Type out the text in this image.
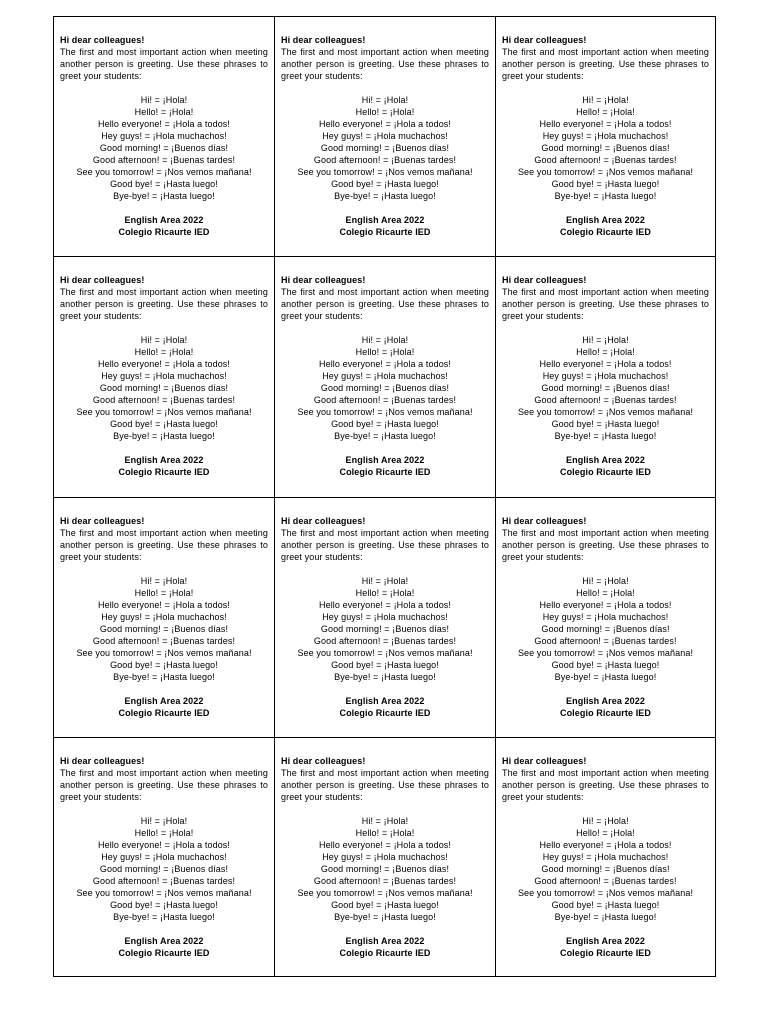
Hi dear colleagues!

The first and most important action when meeting another person is greeting. Use these phrases to greet your students:

Hi! = ¡Hola!
Hello! = ¡Hola!
Hello everyone! = ¡Hola a todos!
Hey guys! = ¡Hola muchachos!
Good morning! = ¡Buenos días!
Good afternoon! = ¡Buenas tardes!
See you tomorrow! = ¡Nos vemos mañana!
Good bye! = ¡Hasta luego!
Bye-bye! = ¡Hasta luego!
English Area 2022
Colegio Ricaurte IED
Hi dear colleagues!

The first and most important action when meeting another person is greeting. Use these phrases to greet your students:

Hi! = ¡Hola!
Hello! = ¡Hola!
Hello everyone! = ¡Hola a todos!
Hey guys! = ¡Hola muchachos!
Good morning! = ¡Buenos días!
Good afternoon! = ¡Buenas tardes!
See you tomorrow! = ¡Nos vemos mañana!
Good bye! = ¡Hasta luego!
Bye-bye! = ¡Hasta luego!
English Area 2022
Colegio Ricaurte IED
Hi dear colleagues!

The first and most important action when meeting another person is greeting. Use these phrases to greet your students:

Hi! = ¡Hola!
Hello! = ¡Hola!
Hello everyone! = ¡Hola a todos!
Hey guys! = ¡Hola muchachos!
Good morning! = ¡Buenos días!
Good afternoon! = ¡Buenas tardes!
See you tomorrow! = ¡Nos vemos mañana!
Good bye! = ¡Hasta luego!
Bye-bye! = ¡Hasta luego!
English Area 2022
Colegio Ricaurte IED
Hi dear colleagues!

The first and most important action when meeting another person is greeting. Use these phrases to greet your students:

Hi! = ¡Hola!
Hello! = ¡Hola!
Hello everyone! = ¡Hola a todos!
Hey guys! = ¡Hola muchachos!
Good morning! = ¡Buenos días!
Good afternoon! = ¡Buenas tardes!
See you tomorrow! = ¡Nos vemos mañana!
Good bye! = ¡Hasta luego!
Bye-bye! = ¡Hasta luego!
English Area 2022
Colegio Ricaurte IED
Hi dear colleagues!

The first and most important action when meeting another person is greeting. Use these phrases to greet your students:

Hi! = ¡Hola!
Hello! = ¡Hola!
Hello everyone! = ¡Hola a todos!
Hey guys! = ¡Hola muchachos!
Good morning! = ¡Buenos días!
Good afternoon! = ¡Buenas tardes!
See you tomorrow! = ¡Nos vemos mañana!
Good bye! = ¡Hasta luego!
Bye-bye! = ¡Hasta luego!
English Area 2022
Colegio Ricaurte IED
Hi dear colleagues!

The first and most important action when meeting another person is greeting. Use these phrases to greet your students:

Hi! = ¡Hola!
Hello! = ¡Hola!
Hello everyone! = ¡Hola a todos!
Hey guys! = ¡Hola muchachos!
Good morning! = ¡Buenos días!
Good afternoon! = ¡Buenas tardes!
See you tomorrow! = ¡Nos vemos mañana!
Good bye! = ¡Hasta luego!
Bye-bye! = ¡Hasta luego!
English Area 2022
Colegio Ricaurte IED
Hi dear colleagues!

The first and most important action when meeting another person is greeting. Use these phrases to greet your students:

Hi! = ¡Hola!
Hello! = ¡Hola!
Hello everyone! = ¡Hola a todos!
Hey guys! = ¡Hola muchachos!
Good morning! = ¡Buenos días!
Good afternoon! = ¡Buenas tardes!
See you tomorrow! = ¡Nos vemos mañana!
Good bye! = ¡Hasta luego!
Bye-bye! = ¡Hasta luego!
English Area 2022
Colegio Ricaurte IED
Hi dear colleagues!

The first and most important action when meeting another person is greeting. Use these phrases to greet your students:

Hi! = ¡Hola!
Hello! = ¡Hola!
Hello everyone! = ¡Hola a todos!
Hey guys! = ¡Hola muchachos!
Good morning! = ¡Buenos días!
Good afternoon! = ¡Buenas tardes!
See you tomorrow! = ¡Nos vemos mañana!
Good bye! = ¡Hasta luego!
Bye-bye! = ¡Hasta luego!
English Area 2022
Colegio Ricaurte IED
Hi dear colleagues!

The first and most important action when meeting another person is greeting. Use these phrases to greet your students:

Hi! = ¡Hola!
Hello! = ¡Hola!
Hello everyone! = ¡Hola a todos!
Hey guys! = ¡Hola muchachos!
Good morning! = ¡Buenos días!
Good afternoon! = ¡Buenas tardes!
See you tomorrow! = ¡Nos vemos mañana!
Good bye! = ¡Hasta luego!
Bye-bye! = ¡Hasta luego!
English Area 2022
Colegio Ricaurte IED
Hi dear colleagues!

The first and most important action when meeting another person is greeting. Use these phrases to greet your students:

Hi! = ¡Hola!
Hello! = ¡Hola!
Hello everyone! = ¡Hola a todos!
Hey guys! = ¡Hola muchachos!
Good morning! = ¡Buenos días!
Good afternoon! = ¡Buenas tardes!
See you tomorrow! = ¡Nos vemos mañana!
Good bye! = ¡Hasta luego!
Bye-bye! = ¡Hasta luego!
English Area 2022
Colegio Ricaurte IED
Hi dear colleagues!

The first and most important action when meeting another person is greeting. Use these phrases to greet your students:

Hi! = ¡Hola!
Hello! = ¡Hola!
Hello everyone! = ¡Hola a todos!
Hey guys! = ¡Hola muchachos!
Good morning! = ¡Buenos días!
Good afternoon! = ¡Buenas tardes!
See you tomorrow! = ¡Nos vemos mañana!
Good bye! = ¡Hasta luego!
Bye-bye! = ¡Hasta luego!
English Area 2022
Colegio Ricaurte IED
Hi dear colleagues!

The first and most important action when meeting another person is greeting. Use these phrases to greet your students:

Hi! = ¡Hola!
Hello! = ¡Hola!
Hello everyone! = ¡Hola a todos!
Hey guys! = ¡Hola muchachos!
Good morning! = ¡Buenos días!
Good afternoon! = ¡Buenas tardes!
See you tomorrow! = ¡Nos vemos mañana!
Good bye! = ¡Hasta luego!
Bye-bye! = ¡Hasta luego!
English Area 2022
Colegio Ricaurte IED
